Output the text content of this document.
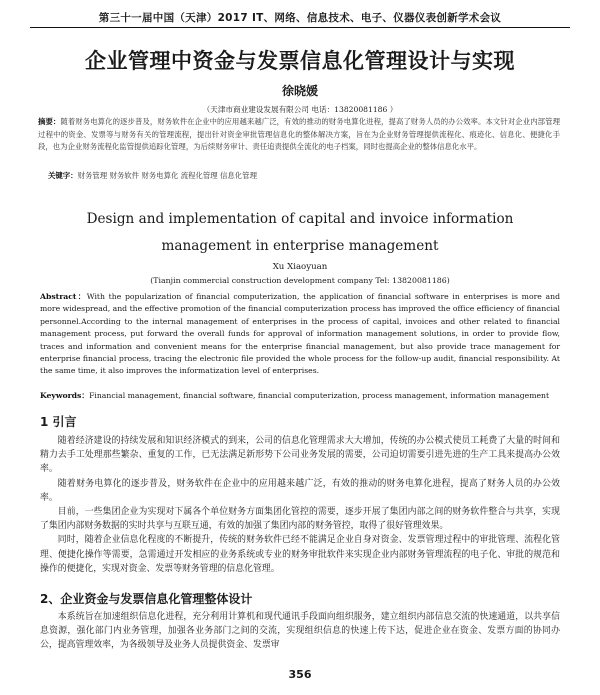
第三十一届中国（天津）2017 IT、网络、信息技术、电子、仪器仪表创新学术会议
企业管理中资金与发票信息化管理设计与实现
徐晓媛
（天津市商业建设发展有限公司 电话：13820081186 ）
摘要：随着财务电算化的逐步普及，财务软件在企业中的应用越来越广泛，有效的推动的财务电算化进程，提高了财务人员的办公效率。本文针对企业内部管理过程中的资金、发票等与财务有关的管理流程，提出针对资金审批管理信息化的整体解决方案，旨在为企业财务管理提供流程化、痕迹化、信息化、便捷化手段，也为企业财务流程化监管提供追踪化管理，为后续财务审计、责任追责提供全流化的电子档案，同时也提高企业的整体信息化水平。
关键字：财务管理 财务软件 财务电算化 流程化管理 信息化管理
Design and implementation of capital and invoice information
management in enterprise management
Xu Xiaoyuan
(Tianjin commercial construction development company Tel: 13820081186)
Abstract：With the popularization of financial computerization, the application of financial software in enterprises is more and more widespread, and the effective promotion of the financial computerization process has improved the office efficiency of financial personnel.According to the internal management of enterprises in the process of capital, invoices and other related to financial management process, put forward the overall funds for approval of information management solutions, in order to provide flow, traces and information and convenient means for the enterprise financial management, but also provide trace management for enterprise financial process, tracing the electronic file provided the whole process for the follow-up audit, financial responsibility. At the same time, it also improves the informatization level of enterprises.
Keywords：Financial management, financial software, financial computerization, process management, information management
1 引言

随着经济建设的持续发展和知识经济模式的到来，公司的信息化管理需求大大增加，传统的办公模式使员工耗费了大量的时间和精力去手工处理那些繁杂、重复的工作，已无法满足新形势下公司业务发展的需要，公司迫切需要引进先进的生产工具来提高办公效率。

随着财务电算化的逐步普及，财务软件在企业中的应用越来越广泛，有效的推动的财务电算化进程，提高了财务人员的办公效率。

目前，一些集团企业为实现对下属各个单位财务方面集团化管控的需要，逐步开展了集团内部之间的财务软件整合与共享，实现了集团内部财务数据的实时共享与互联互通，有效的加强了集团内部的财务管控，取得了很好管理效果。

同时，随着企业信息化程度的不断提升，传统的财务软件已经不能满足企业自身对资金、发票管理过程中的审批管理、流程化管理、便捷化操作等需要，急需通过开发相应的业务系统或专业的财务审批软件来实现企业内部财务管理流程的电子化、审批的规范和操作的便捷化，实现对资金、发票等财务管理的信息化管理。

2、企业资金与发票信息化管理整体设计

本系统旨在加速组织信息化进程，充分利用计算机和现代通讯手段面向组织服务，建立组织内部信息交流的快速通道，以共享信息资源，强化部门内业务管理，加强各业务部门之间的交流，实现组织信息的快速上传下达，促进企业在资金、发票方面的协同办公，提高管理效率，为各级领导及业务人员提供资金、发票审

356
